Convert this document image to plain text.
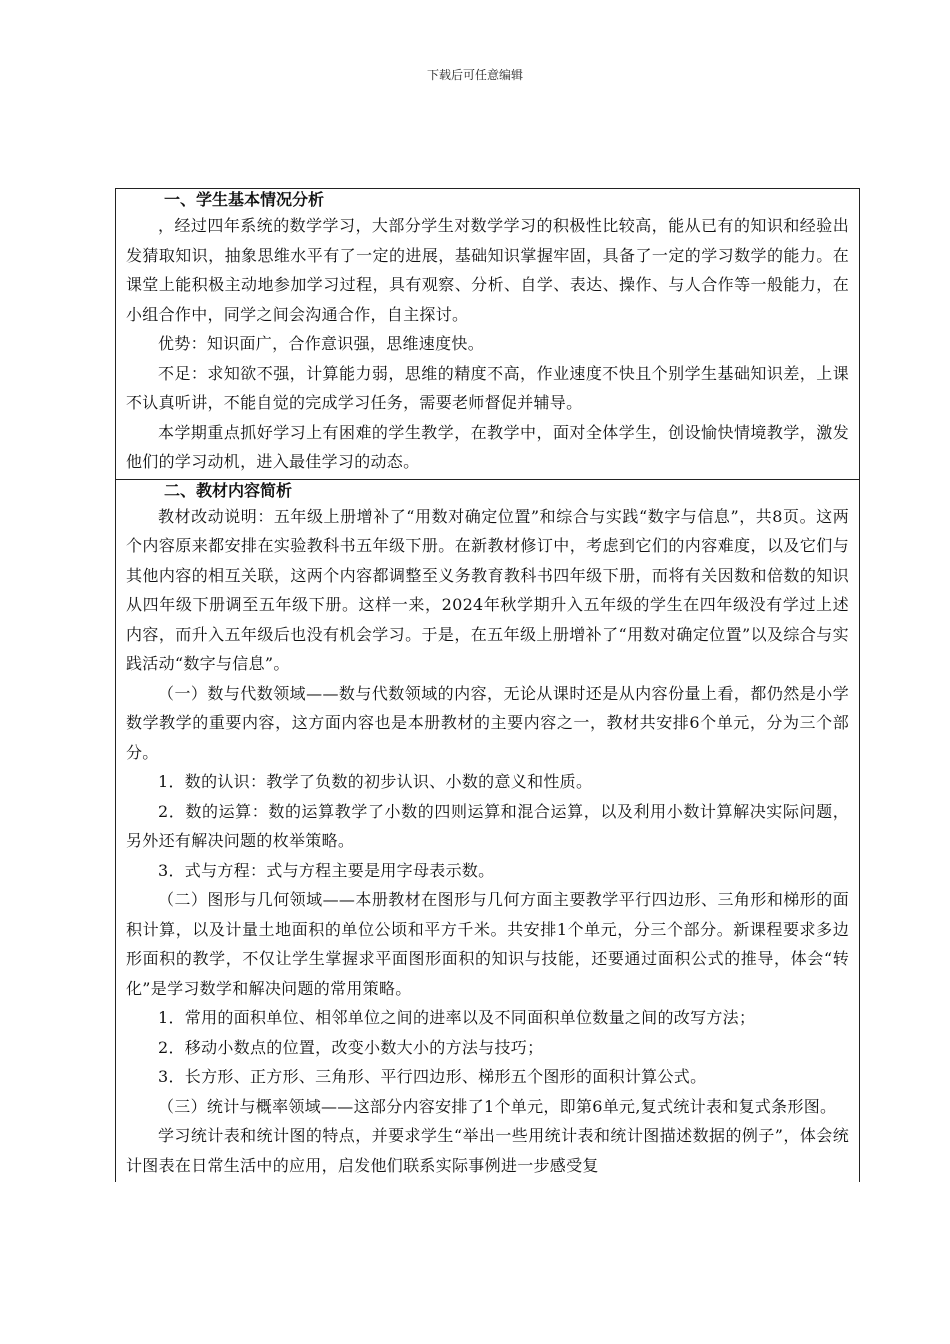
下载后可任意编辑
一、学生基本情况分析

，经过四年系统的数学学习，大部分学生对数学学习的积极性比较高，能从已有的知识和经验出发猜取知识，抽象思维水平有了一定的进展，基础知识掌握牢固，具备了一定的学习数学的能力。在课堂上能积极主动地参加学习过程，具有观察、分析、自学、表达、操作、与人合作等一般能力，在小组合作中，同学之间会沟通合作，自主探讨。

优势：知识面广，合作意识强，思维速度快。

不足：求知欲不强，计算能力弱，思维的精度不高，作业速度不快且个别学生基础知识差，上课不认真听讲，不能自觉的完成学习任务，需要老师督促并辅导。

本学期重点抓好学习上有困难的学生教学，在教学中，面对全体学生，创设愉快情境教学，激发他们的学习动机，进入最佳学习的动态。

二、教材内容简析

教材改动说明：五年级上册增补了“用数对确定位置”和综合与实践“数字与信息”，共8页。这两个内容原来都安排在实验教科书五年级下册。在新教材修订中，考虑到它们的内容难度，以及它们与其他内容的相互关联，这两个内容都调整至义务教育教科书四年级下册，而将有关因数和倍数的知识从四年级下册调至五年级下册。这样一来，2024年秋学期升入五年级的学生在四年级没有学过上述内容，而升入五年级后也没有机会学习。于是，在五年级上册增补了“用数对确定位置”以及综合与实践活动“数字与信息”。

（一）数与代数领域——数与代数领域的内容，无论从课时还是从内容份量上看，都仍然是小学数学教学的重要内容，这方面内容也是本册教材的主要内容之一，教材共安排6个单元，分为三个部分。

1．数的认识：教学了负数的初步认识、小数的意义和性质。

2．数的运算：数的运算教学了小数的四则运算和混合运算，以及利用小数计算解决实际问题，另外还有解决问题的枚举策略。

3．式与方程：式与方程主要是用字母表示数。

（二）图形与几何领域——本册教材在图形与几何方面主要教学平行四边形、三角形和梯形的面积计算，以及计量土地面积的单位公顷和平方千米。共安排1个单元，分三个部分。新课程要求多边形面积的教学，不仅让学生掌握求平面图形面积的知识与技能，还要通过面积公式的推导，体会“转化”是学习数学和解决问题的常用策略。

1．常用的面积单位、相邻单位之间的进率以及不同面积单位数量之间的改写方法；

2．移动小数点的位置，改变小数大小的方法与技巧；

3．长方形、正方形、三角形、平行四边形、梯形五个图形的面积计算公式。

（三）统计与概率领域——这部分内容安排了1个单元，即第6单元,复式统计表和复式条形图。

学习统计表和统计图的特点，并要求学生“举出一些用统计表和统计图描述数据的例子”，体会统计图表在日常生活中的应用，启发他们联系实际事例进一步感受复
